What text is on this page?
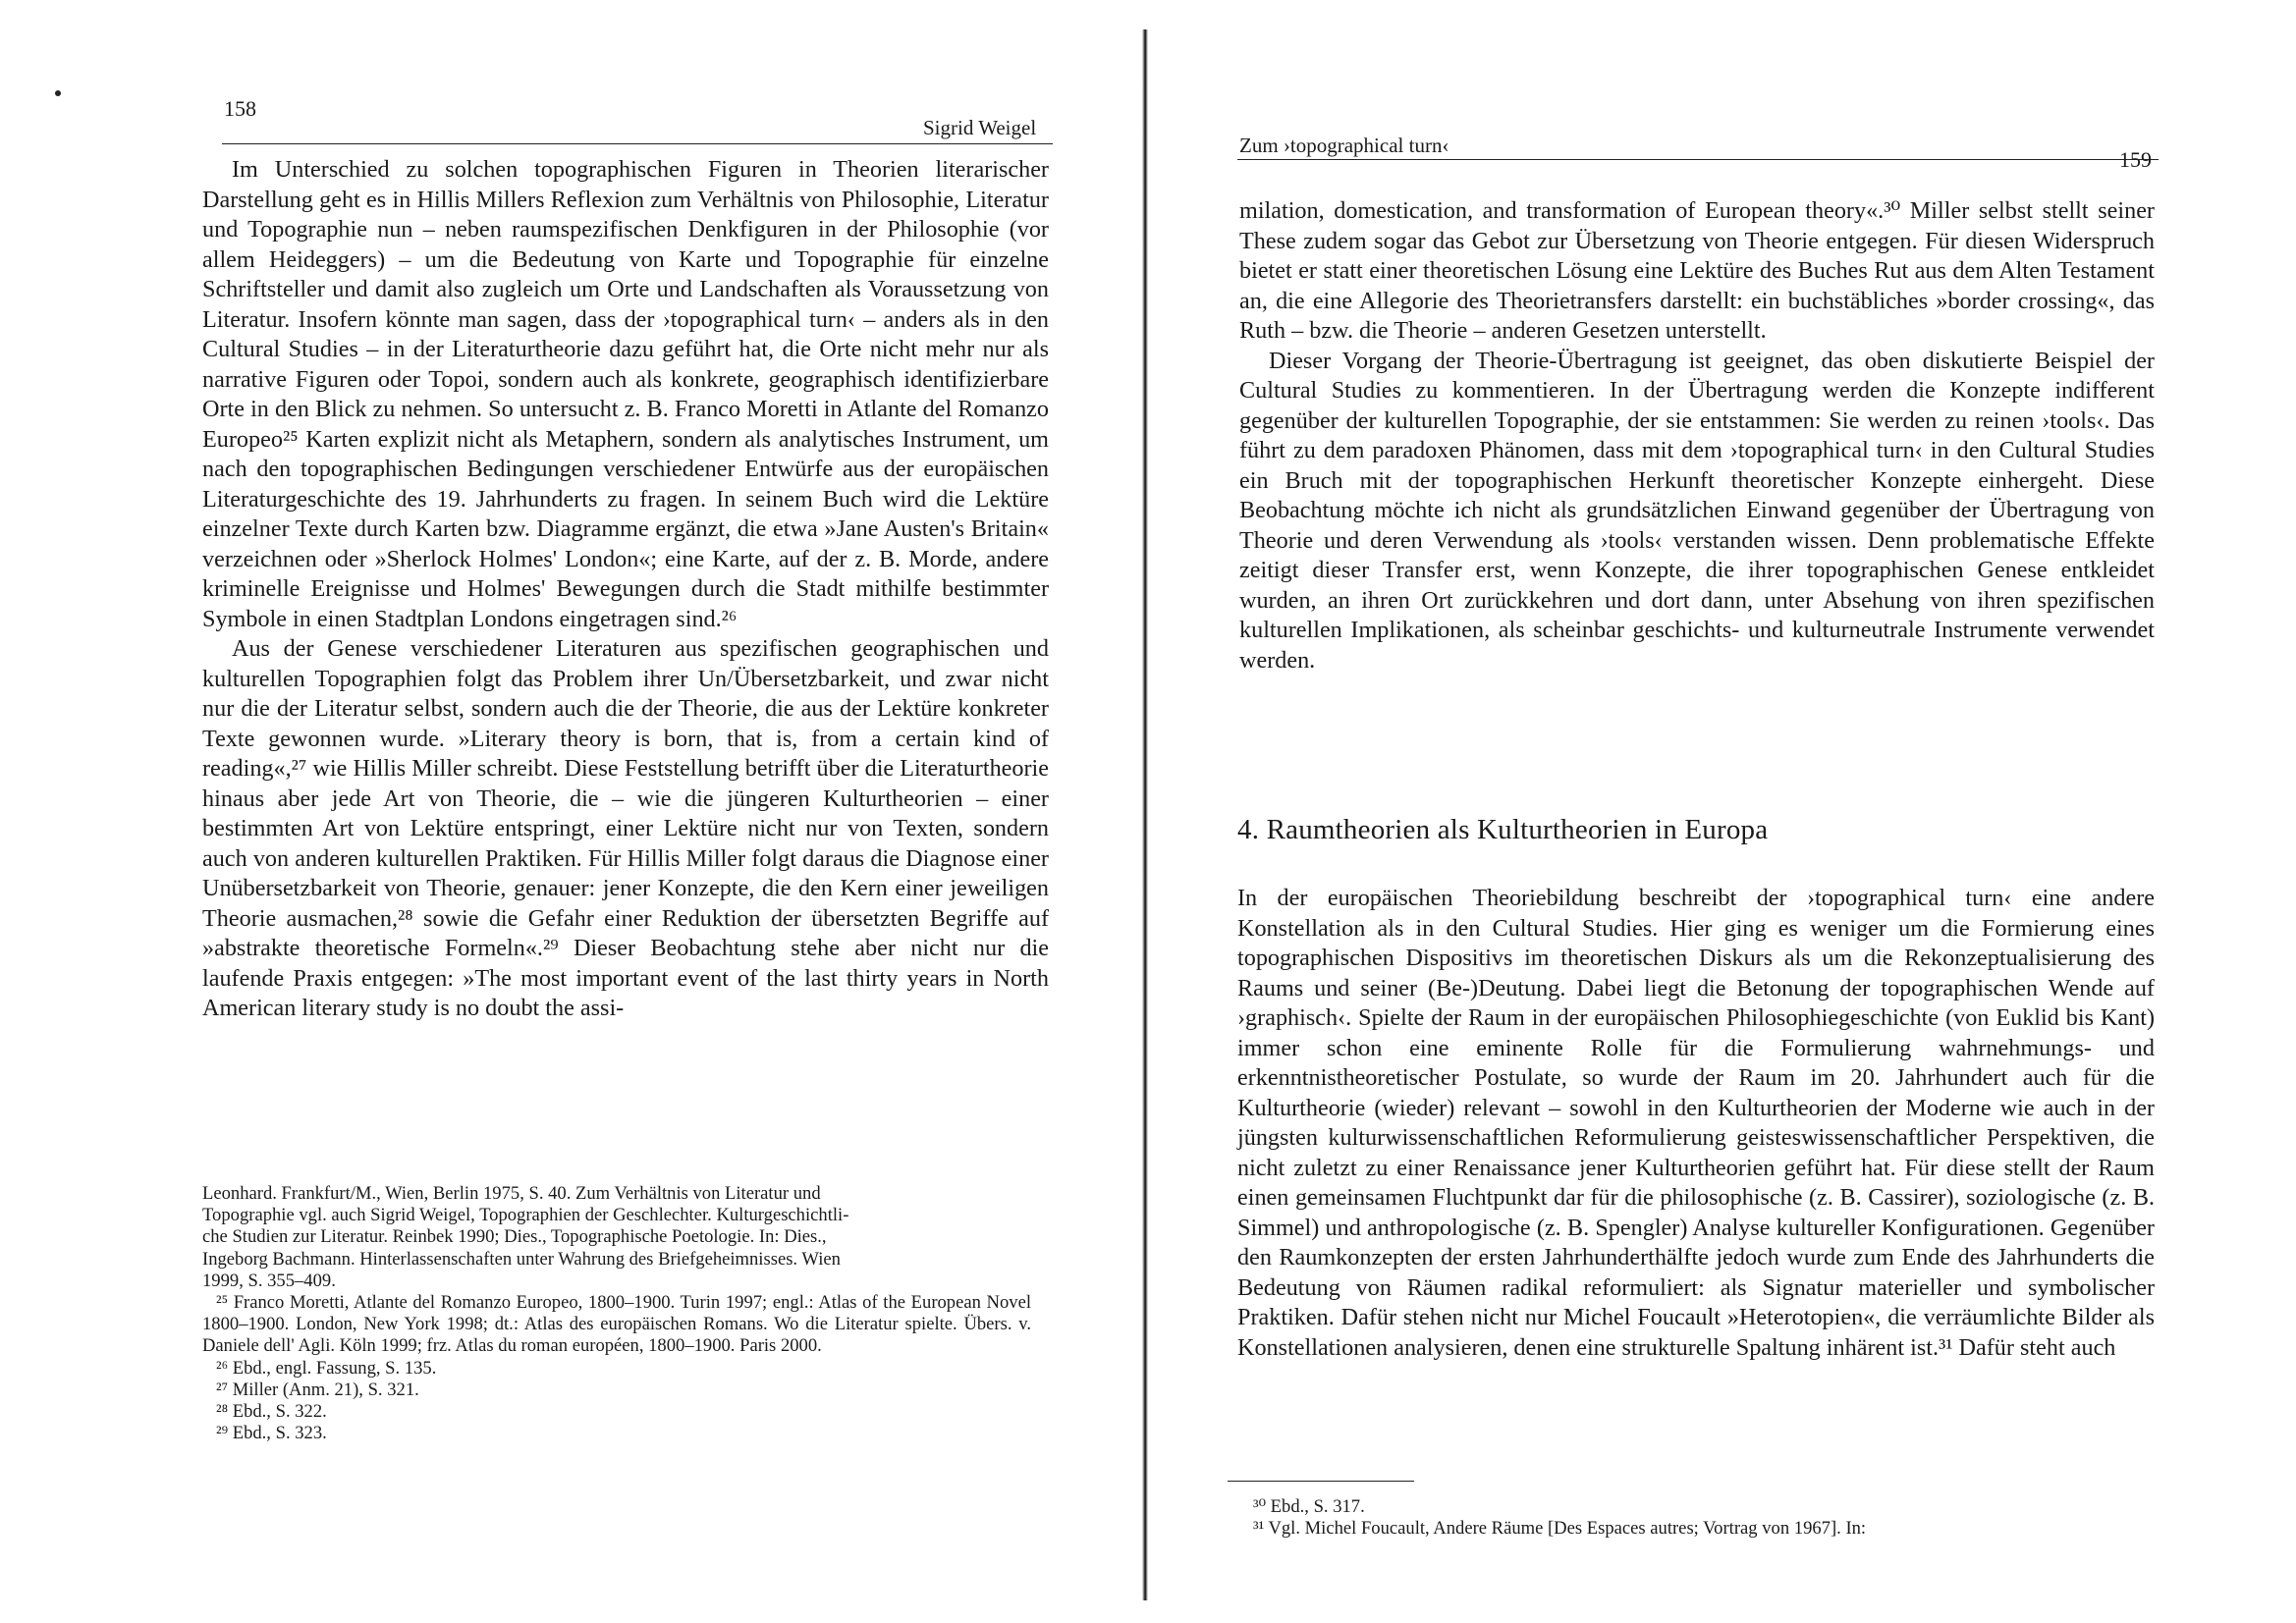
158
Sigrid Weigel

Im Unterschied zu solchen topographischen Figuren in Theorien literarischer Darstellung geht es in Hillis Millers Reflexion zum Verhältnis von Philosophie, Literatur und Topographie nun – neben raumspezifischen Denkfiguren in der Philosophie (vor allem Heideggers) – um die Bedeutung von Karte und Topographie für einzelne Schriftsteller und damit also zugleich um Orte und Landschaften als Voraussetzung von Literatur. Insofern könnte man sagen, dass der ›topographical turn‹ – anders als in den Cultural Studies – in der Literaturtheorie dazu geführt hat, die Orte nicht mehr nur als narrative Figuren oder Topoi, sondern auch als konkrete, geographisch identifizierbare Orte in den Blick zu nehmen. So untersucht z. B. Franco Moretti in Atlante del Romanzo Europeo²⁵ Karten explizit nicht als Metaphern, sondern als analytisches Instrument, um nach den topographischen Bedingungen verschiedener Entwürfe aus der europäischen Literaturgeschichte des 19. Jahrhunderts zu fragen. In seinem Buch wird die Lektüre einzelner Texte durch Karten bzw. Diagramme ergänzt, die etwa »Jane Austen's Britain« verzeichnen oder »Sherlock Holmes' London«; eine Karte, auf der z. B. Morde, andere kriminelle Ereignisse und Holmes' Bewegungen durch die Stadt mithilfe bestimmter Symbole in einen Stadtplan Londons eingetragen sind.²⁶

Aus der Genese verschiedener Literaturen aus spezifischen geographischen und kulturellen Topographien folgt das Problem ihrer Un/Übersetzbarkeit, und zwar nicht nur die der Literatur selbst, sondern auch die der Theorie, die aus der Lektüre konkreter Texte gewonnen wurde. »Literary theory is born, that is, from a certain kind of reading«,²⁷ wie Hillis Miller schreibt. Diese Feststellung betrifft über die Literaturtheorie hinaus aber jede Art von Theorie, die – wie die jüngeren Kulturtheorien – einer bestimmten Art von Lektüre entspringt, einer Lektüre nicht nur von Texten, sondern auch von anderen kulturellen Praktiken. Für Hillis Miller folgt daraus die Diagnose einer Unübersetzbarkeit von Theorie, genauer: jener Konzepte, die den Kern einer jeweiligen Theorie ausmachen,²⁸ sowie die Gefahr einer Reduktion der übersetzten Begriffe auf »abstrakte theoretische Formeln«.²⁹ Dieser Beobachtung stehe aber nicht nur die laufende Praxis entgegen: »The most important event of the last thirty years in North American literary study is no doubt the assi-

Leonhard. Frankfurt/M., Wien, Berlin 1975, S. 40. Zum Verhältnis von Literatur und
Topographie vgl. auch Sigrid Weigel, Topographien der Geschlechter. Kulturgeschichtli-
che Studien zur Literatur. Reinbek 1990; Dies., Topographische Poetologie. In: Dies.,
Ingeborg Bachmann. Hinterlassenschaften unter Wahrung des Briefgeheimnisses. Wien
1999, S. 355–409.

²⁵ Franco Moretti, Atlante del Romanzo Europeo, 1800–1900. Turin 1997; engl.: Atlas of the European Novel 1800–1900. London, New York 1998; dt.: Atlas des europäischen Romans. Wo die Literatur spielte. Übers. v. Daniele dell' Agli. Köln 1999; frz. Atlas du roman européen, 1800–1900. Paris 2000.

²⁶ Ebd., engl. Fassung, S. 135.

²⁷ Miller (Anm. 21), S. 321.

²⁸ Ebd., S. 322.

²⁹ Ebd., S. 323.

Zum ›topographical turn‹
159

milation, domestication, and transformation of European theory«.³⁰ Miller selbst stellt seiner These zudem sogar das Gebot zur Übersetzung von Theorie entgegen. Für diesen Widerspruch bietet er statt einer theoretischen Lösung eine Lektüre des Buches Rut aus dem Alten Testament an, die eine Allegorie des Theorietransfers darstellt: ein buchstäbliches »border crossing«, das Ruth – bzw. die Theorie – anderen Gesetzen unterstellt.

Dieser Vorgang der Theorie-Übertragung ist geeignet, das oben diskutierte Beispiel der Cultural Studies zu kommentieren. In der Übertragung werden die Konzepte indifferent gegenüber der kulturellen Topographie, der sie entstammen: Sie werden zu reinen ›tools‹. Das führt zu dem paradoxen Phänomen, dass mit dem ›topographical turn‹ in den Cultural Studies ein Bruch mit der topographischen Herkunft theoretischer Konzepte einhergeht. Diese Beobachtung möchte ich nicht als grundsätzlichen Einwand gegenüber der Übertragung von Theorie und deren Verwendung als ›tools‹ verstanden wissen. Denn problematische Effekte zeitigt dieser Transfer erst, wenn Konzepte, die ihrer topographischen Genese entkleidet wurden, an ihren Ort zurückkehren und dort dann, unter Absehung von ihren spezifischen kulturellen Implikationen, als scheinbar geschichts- und kulturneutrale Instrumente verwendet werden.

4. Raumtheorien als Kulturtheorien in Europa

In der europäischen Theoriebildung beschreibt der ›topographical turn‹ eine andere Konstellation als in den Cultural Studies. Hier ging es weniger um die Formierung eines topographischen Dispositivs im theoretischen Diskurs als um die Rekonzeptualisierung des Raums und seiner (Be-)Deutung. Dabei liegt die Betonung der topographischen Wende auf ›graphisch‹. Spielte der Raum in der europäischen Philosophiegeschichte (von Euklid bis Kant) immer schon eine eminente Rolle für die Formulierung wahrnehmungs- und erkenntnistheoretischer Postulate, so wurde der Raum im 20. Jahrhundert auch für die Kulturtheorie (wieder) relevant – sowohl in den Kulturtheorien der Moderne wie auch in der jüngsten kulturwissenschaftlichen Reformulierung geisteswissenschaftlicher Perspektiven, die nicht zuletzt zu einer Renaissance jener Kulturtheorien geführt hat. Für diese stellt der Raum einen gemeinsamen Fluchtpunkt dar für die philosophische (z. B. Cassirer), soziologische (z. B. Simmel) und anthropologische (z. B. Spengler) Analyse kultureller Konfigurationen. Gegenüber den Raumkonzepten der ersten Jahrhunderthälfte jedoch wurde zum Ende des Jahrhunderts die Bedeutung von Räumen radikal reformuliert: als Signatur materieller und symbolischer Praktiken. Dafür stehen nicht nur Michel Foucault »Heterotopien«, die verräumlichte Bilder als Konstellationen analysieren, denen eine strukturelle Spaltung inhärent ist.³¹ Dafür steht auch

³⁰ Ebd., S. 317.

³¹ Vgl. Michel Foucault, Andere Räume [Des Espaces autres; Vortrag von 1967]. In:
